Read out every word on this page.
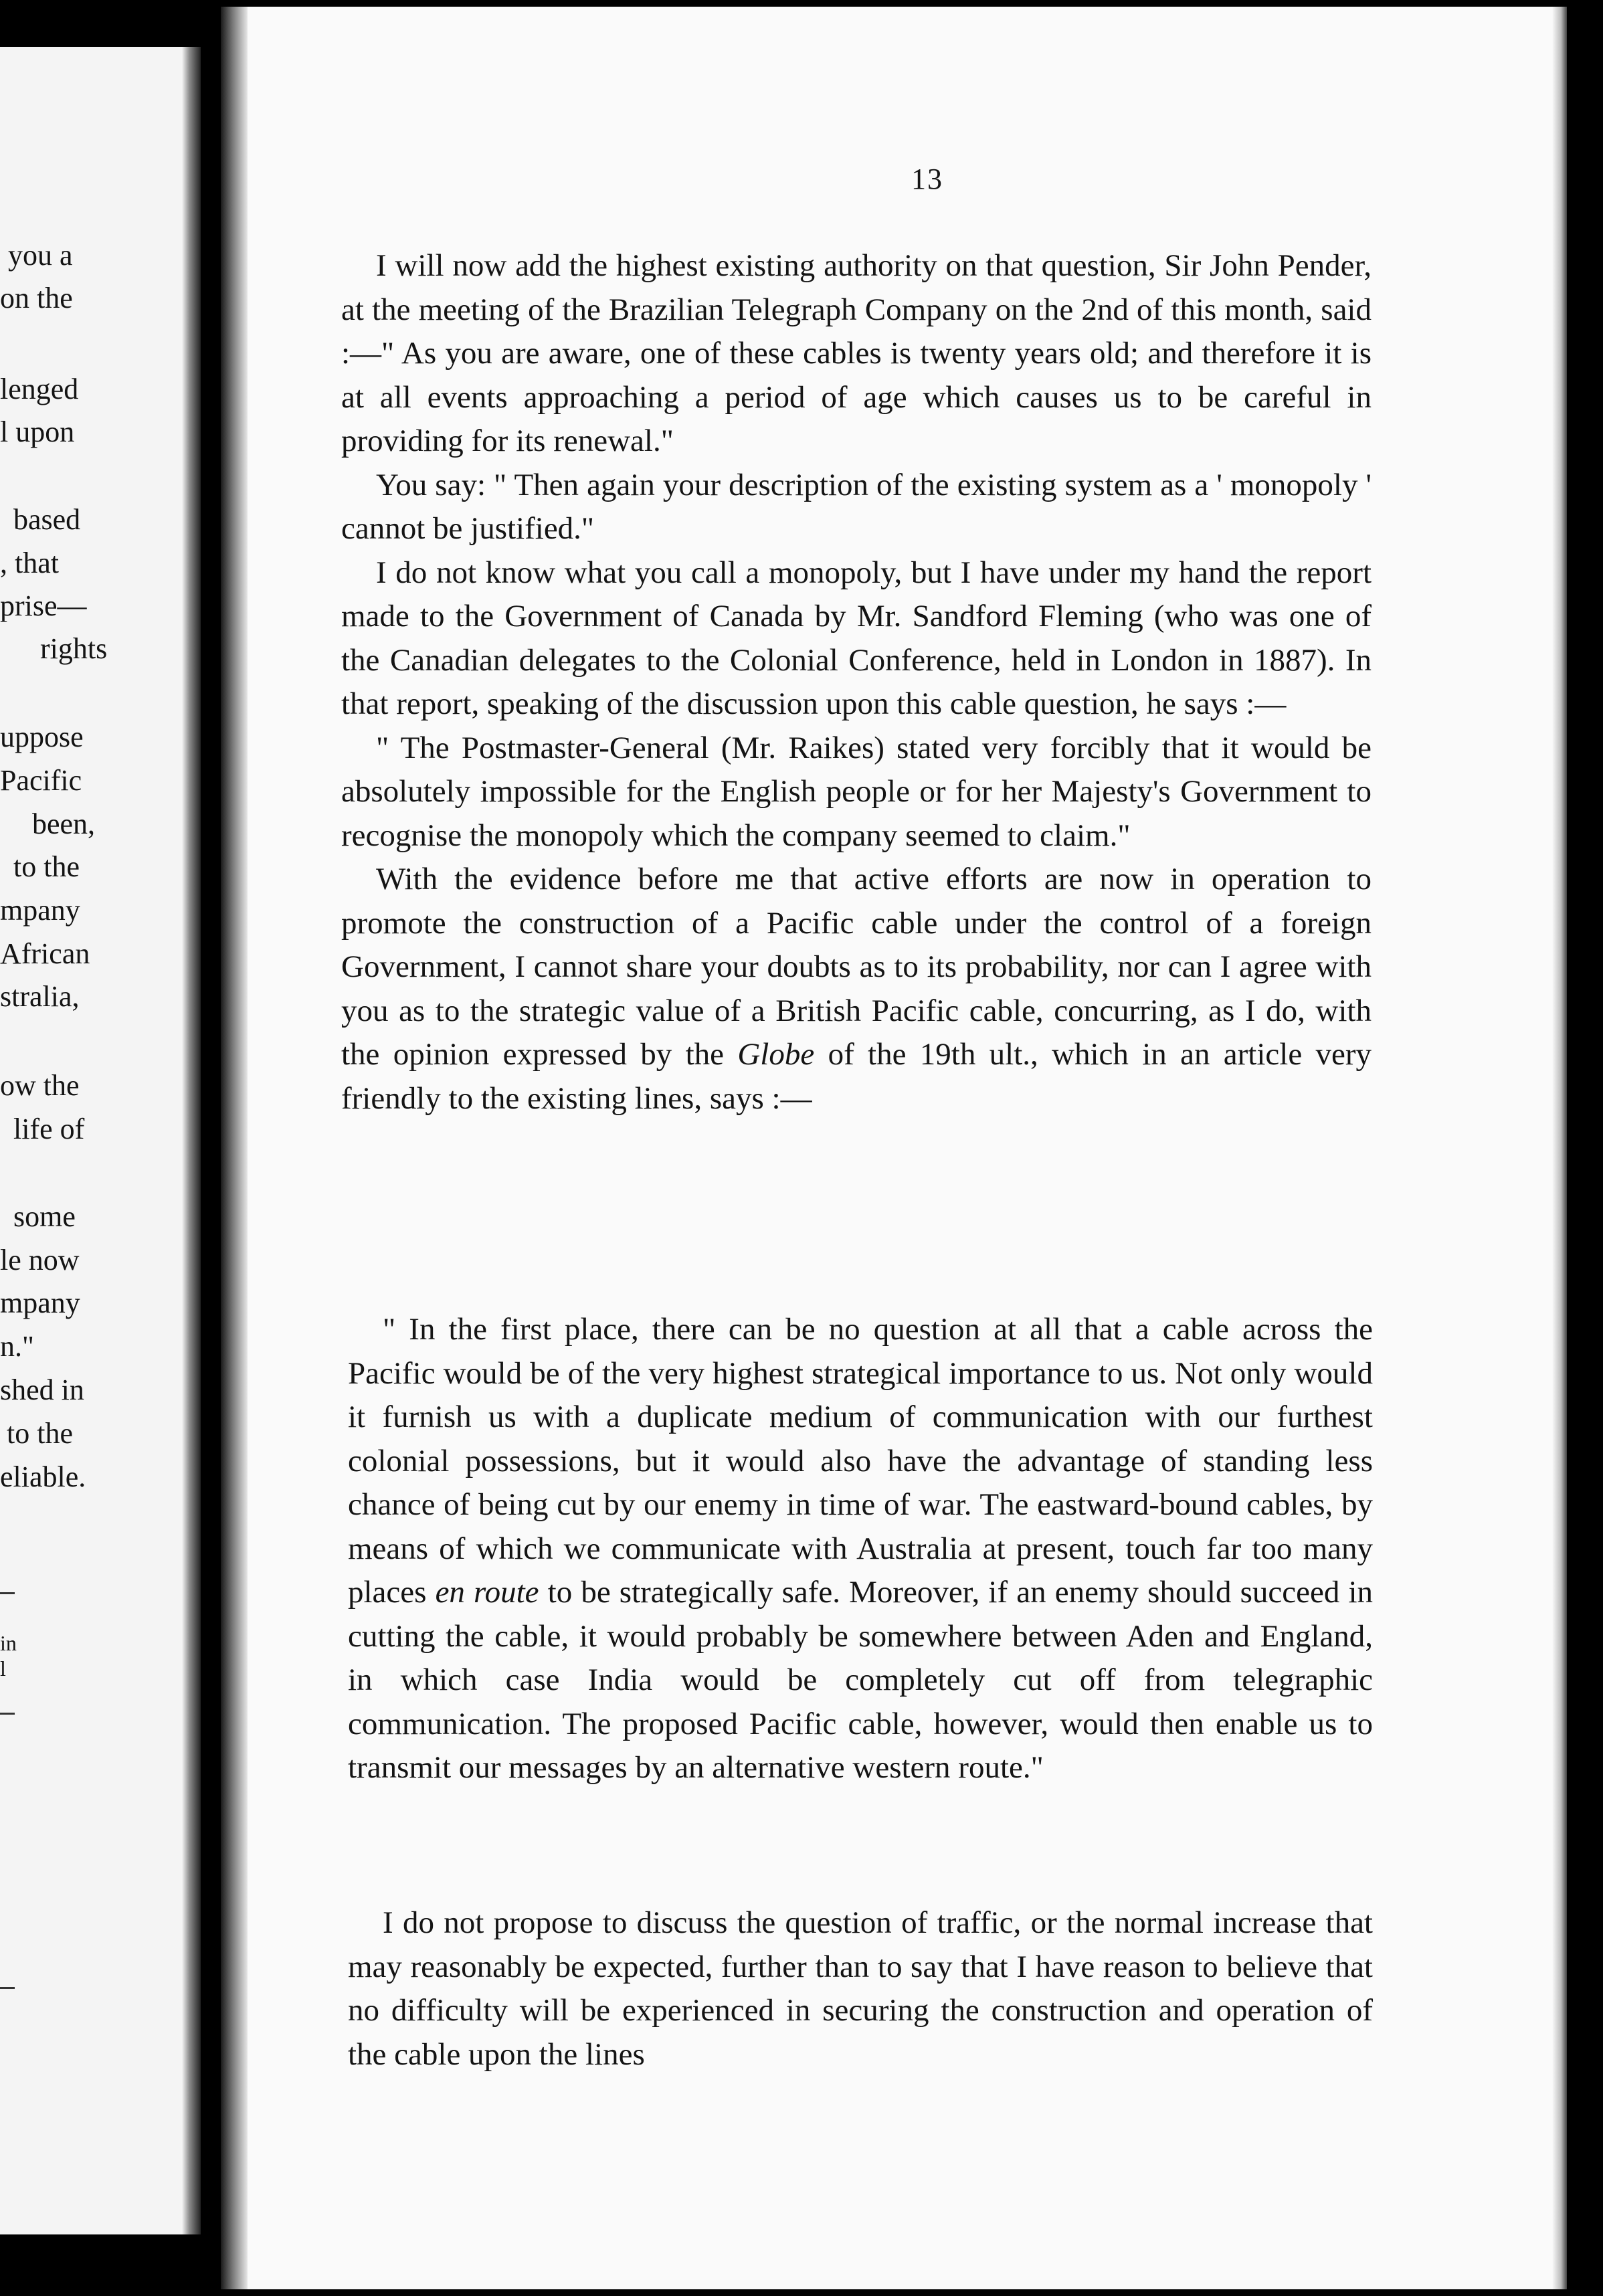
you a
on the
lenged
l upon
based
, that
prise—
rights
uppose
Pacific
been,
to the
mpany
African
stralia,
ow the
life of
some
le now
mpany
n."
shed in
to the
eliable.
in
l
13

I will now add the highest existing authority on that question, Sir John Pender, at the meeting of the Brazilian Telegraph Company on the 2nd of this month, said :—" As you are aware, one of these cables is twenty years old; and therefore it is at all events approaching a period of age which causes us to be careful in providing for its renewal."

You say: " Then again your description of the existing system as a ' monopoly ' cannot be justified."

I do not know what you call a monopoly, but I have under my hand the report made to the Government of Canada by Mr. Sandford Fleming (who was one of the Canadian delegates to the Colonial Conference, held in London in 1887). In that report, speaking of the discussion upon this cable question, he says :—

" The Postmaster-General (Mr. Raikes) stated very forcibly that it would be absolutely impossible for the English people or for her Majesty's Government to recognise the monopoly which the company seemed to claim."

With the evidence before me that active efforts are now in operation to promote the construction of a Pacific cable under the control of a foreign Government, I cannot share your doubts as to its probability, nor can I agree with you as to the strategic value of a British Pacific cable, concurring, as I do, with the opinion expressed by the Globe of the 19th ult., which in an article very friendly to the existing lines, says :—

" In the first place, there can be no question at all that a cable across the Pacific would be of the very highest strategical importance to us. Not only would it furnish us with a duplicate medium of communication with our furthest colonial possessions, but it would also have the advantage of standing less chance of being cut by our enemy in time of war. The eastward-bound cables, by means of which we communicate with Australia at present, touch far too many places en route to be strategically safe. Moreover, if an enemy should succeed in cutting the cable, it would probably be somewhere between Aden and England, in which case India would be completely cut off from telegraphic communication. The proposed Pacific cable, however, would then enable us to transmit our messages by an alternative western route."

I do not propose to discuss the question of traffic, or the normal increase that may reasonably be expected, further than to say that I have reason to believe that no difficulty will be experienced in securing the construction and operation of the cable upon the lines
